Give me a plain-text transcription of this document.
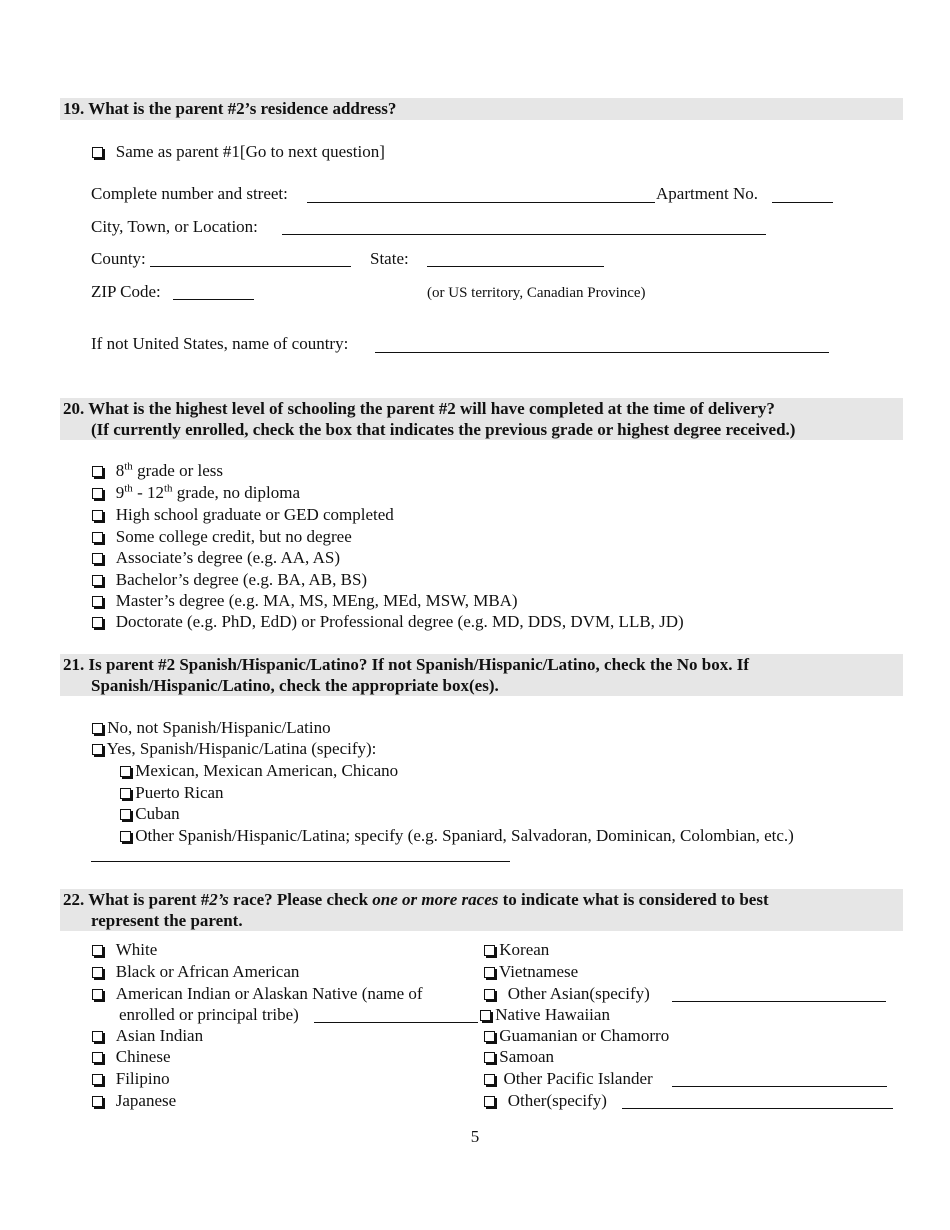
19. What is the parent #2’s residence address?
Same as parent #1[Go to next question]
Complete number and street:	Apartment No.
City, Town, or Location:
County:	State:
ZIP Code:	(or US territory, Canadian Province)
If not United States, name of country:
20. What is the highest level of schooling the parent #2 will have completed at the time of delivery?
(If currently enrolled, check the box that indicates the previous grade or highest degree received.)
8th grade or less
9th - 12th grade, no diploma
High school graduate or GED completed
Some college credit, but no degree
Associate’s degree (e.g. AA, AS)
Bachelor’s degree (e.g. BA, AB, BS)
Master’s degree (e.g. MA, MS, MEng, MEd, MSW, MBA)
Doctorate (e.g. PhD, EdD) or Professional degree (e.g. MD, DDS, DVM, LLB, JD)
21. Is parent #2 Spanish/Hispanic/Latino? If not Spanish/Hispanic/Latino, check the No box. If
Spanish/Hispanic/Latino, check the appropriate box(es).
No, not Spanish/Hispanic/Latino
Yes, Spanish/Hispanic/Latina (specify):
Mexican, Mexican American, Chicano
Puerto Rican
Cuban
Other Spanish/Hispanic/Latina; specify (e.g. Spaniard, Salvadoran, Dominican, Colombian, etc.)
22. What is parent #2’s race? Please check one or more races to indicate what is considered to best
represent the parent.
White
Black or African American
American Indian or Alaskan Native (name of
enrolled or principal tribe)
Asian Indian
Chinese
Filipino
Japanese
Korean
Vietnamese
Other Asian(specify)
Native Hawaiian
Guamanian or Chamorro
Samoan
Other Pacific Islander
Other(specify)
5
